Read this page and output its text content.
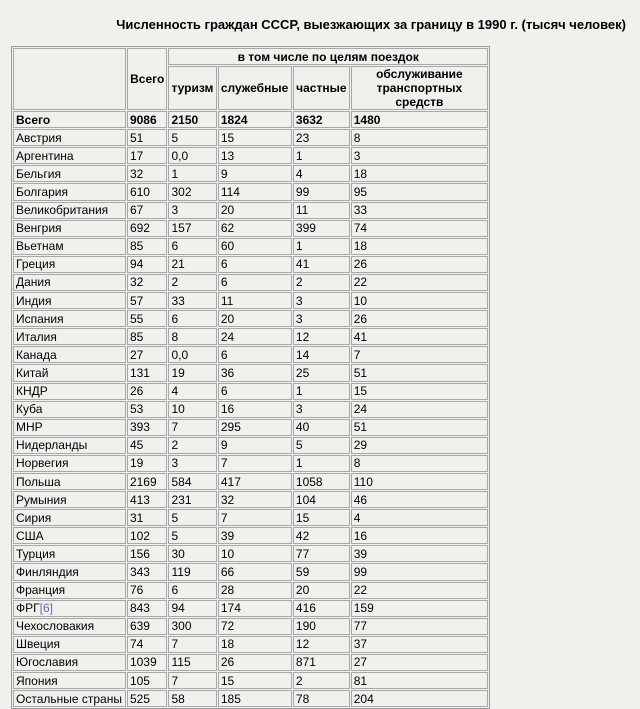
Численность граждан СССР, выезжающих за границу в 1990 г. (тысяч человек)
	Всего	в том числе по целям поездок			
		туризм	служебные	частные	обслуживание транспортных средств
Всего	9086	2150	1824	3632	1480
Австрия	51	5	15	23	8
Аргентина	17	0,0	13	1	3
Бельгия	32	1	9	4	18
Болгария	610	302	114	99	95
Великобритания	67	3	20	11	33
Венгрия	692	157	62	399	74
Вьетнам	85	6	60	1	18
Греция	94	21	6	41	26
Дания	32	2	6	2	22
Индия	57	33	11	3	10
Испания	55	6	20	3	26
Италия	85	8	24	12	41
Канада	27	0,0	6	14	7
Китай	131	19	36	25	51
КНДР	26	4	6	1	15
Куба	53	10	16	3	24
МНР	393	7	295	40	51
Нидерланды	45	2	9	5	29
Норвегия	19	3	7	1	8
Польша	2169	584	417	1058	110
Румыния	413	231	32	104	46
Сирия	31	5	7	15	4
США	102	5	39	42	16
Турция	156	30	10	77	39
Финляндия	343	119	66	59	99
Франция	76	6	28	20	22
ФРГ[6]	843	94	174	416	159
Чехословакия	639	300	72	190	77
Швеция	74	7	18	12	37
Югославия	1039	115	26	871	27
Япония	105	7	15	2	81
Остальные страны	525	58	185	78	204
